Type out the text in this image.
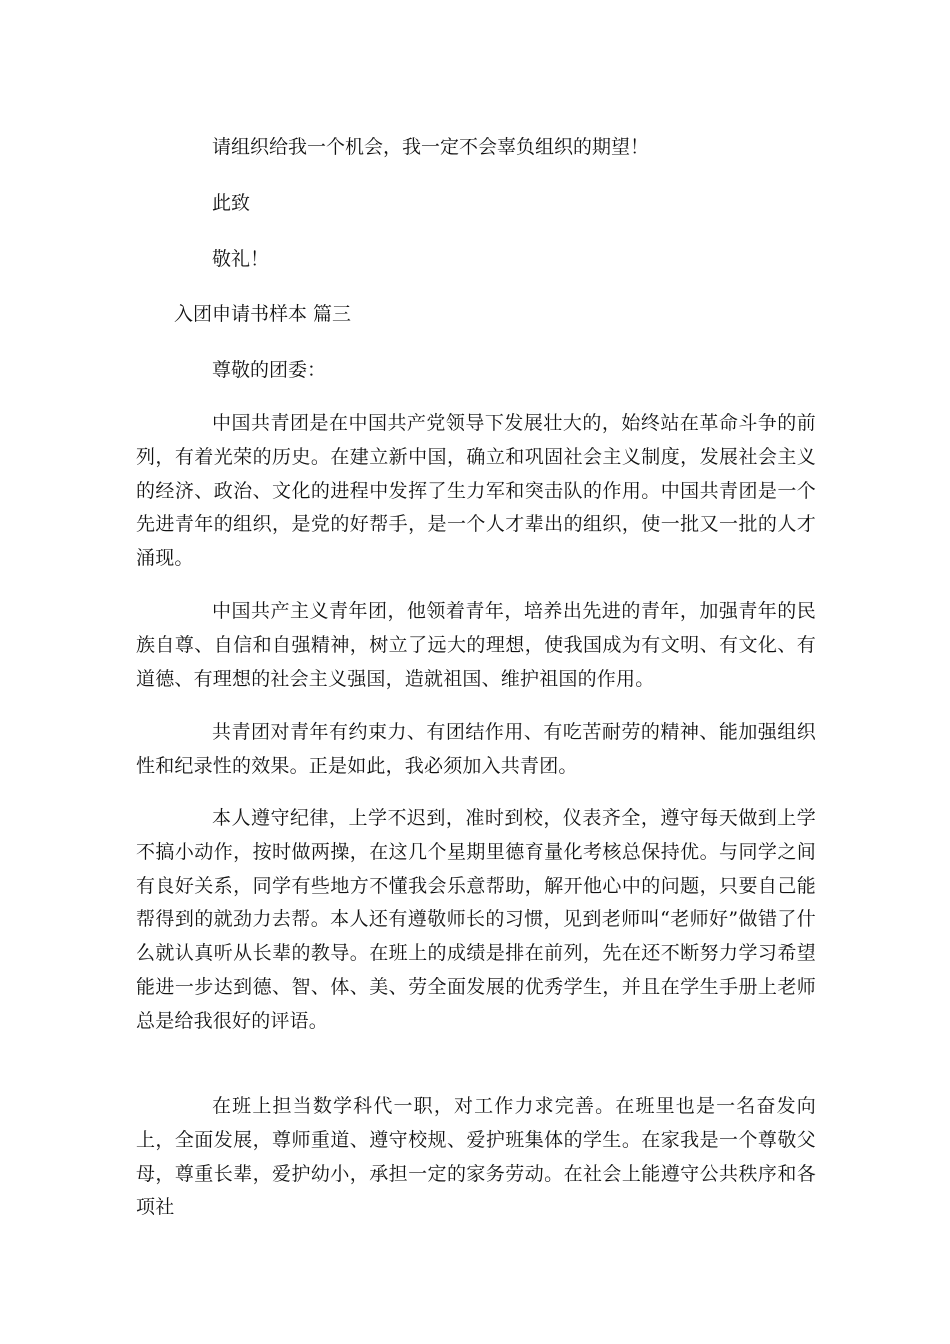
请组织给我一个机会，我一定不会辜负组织的期望！
此致
敬礼！
入团申请书样本 篇三
尊敬的团委：
中国共青团是在中国共产党领导下发展壮大的，始终站在革命斗争的前列，有着光荣的历史。在建立新中国，确立和巩固社会主义制度，发展社会主义的经济、政治、文化的进程中发挥了生力军和突击队的作用。中国共青团是一个先进青年的组织，是党的好帮手，是一个人才辈出的组织，使一批又一批的人才涌现。
中国共产主义青年团，他领着青年，培养出先进的青年，加强青年的民族自尊、自信和自强精神，树立了远大的理想，使我国成为有文明、有文化、有道德、有理想的社会主义强国，造就祖国、维护祖国的作用。
共青团对青年有约束力、有团结作用、有吃苦耐劳的精神、能加强组织性和纪录性的效果。正是如此，我必须加入共青团。
本人遵守纪律，上学不迟到，准时到校，仪表齐全，遵守每天做到上学不搞小动作，按时做两操，在这几个星期里德育量化考核总保持优。与同学之间有良好关系，同学有些地方不懂我会乐意帮助，解开他心中的问题，只要自己能帮得到的就劲力去帮。本人还有遵敬师长的习惯，见到老师叫“老师好”做错了什么就认真听从长辈的教导。在班上的成绩是排在前列，先在还不断努力学习希望能进一步达到德、智、体、美、劳全面发展的优秀学生，并且在学生手册上老师总是给我很好的评语。
在班上担当数学科代一职，对工作力求完善。在班里也是一名奋发向上，全面发展，尊师重道、遵守校规、爱护班集体的学生。在家我是一个尊敬父母，尊重长辈，爱护幼小，承担一定的家务劳动。在社会上能遵守公共秩序和各项社
